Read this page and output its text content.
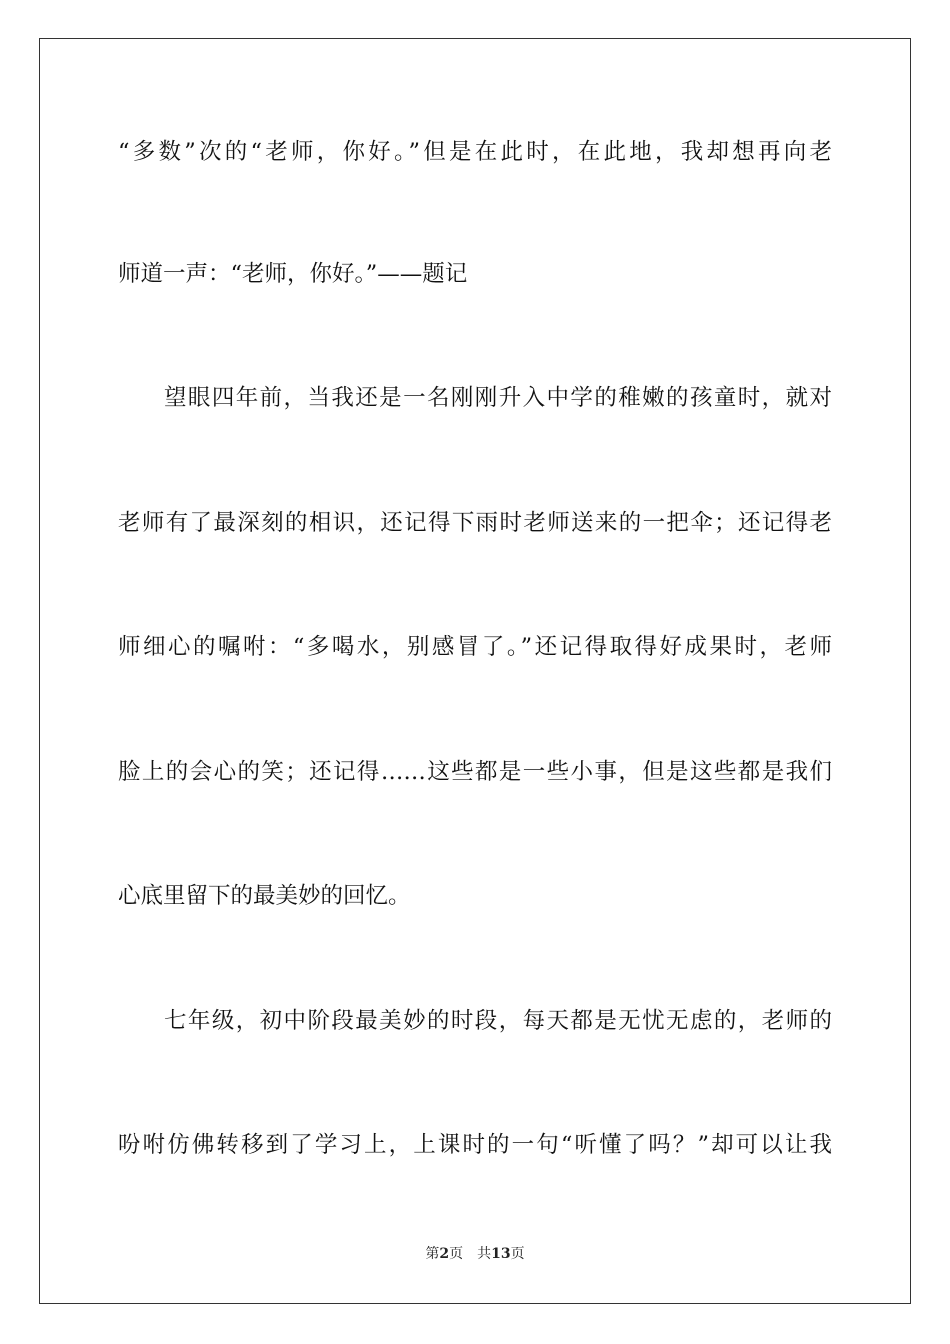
“多数”次的“老师，你好。”但是在此时，在此地，我却想再向老
师道一声：“老师，你好。”——题记
望眼四年前，当我还是一名刚刚升入中学的稚嫩的孩童时，就对
老师有了最深刻的相识，还记得下雨时老师送来的一把伞；还记得老
师细心的嘱咐：“多喝水，别感冒了。”还记得取得好成果时，老师
脸上的会心的笑；还记得……这些都是一些小事，但是这些都是我们
心底里留下的最美妙的回忆。
七年级，初中阶段最美妙的时段，每天都是无忧无虑的，老师的
吩咐仿佛转移到了学习上，上课时的一句“听懂了吗？”却可以让我
第2页 共13页
